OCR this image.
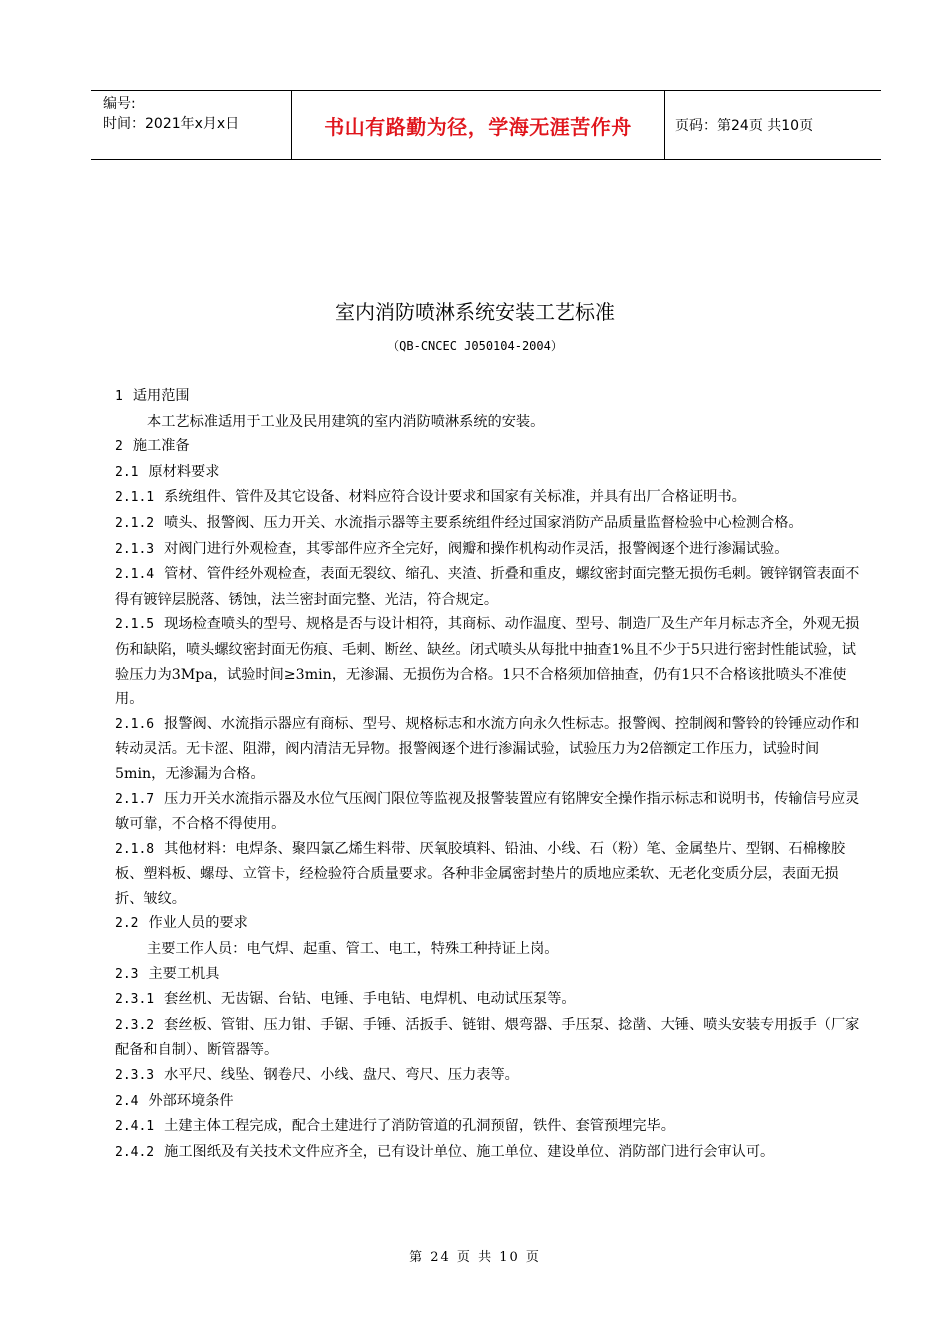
编号:
时间：2021年x月x日	书山有路勤为径，学海无涯苦作舟	页码：第24页 共10页
室内消防喷淋系统安装工艺标准
（QB-CNCEC J050104-2004）
1 适用范围
本工艺标准适用于工业及民用建筑的室内消防喷淋系统的安装。
2 施工准备
2.1 原材料要求
2.1.1 系统组件、管件及其它设备、材料应符合设计要求和国家有关标准，并具有出厂合格证明书。
2.1.2 喷头、报警阀、压力开关、水流指示器等主要系统组件经过国家消防产品质量监督检验中心检测合格。
2.1.3 对阀门进行外观检查，其零部件应齐全完好，阀瓣和操作机构动作灵活，报警阀逐个进行渗漏试验。
2.1.4 管材、管件经外观检查，表面无裂纹、缩孔、夹渣、折叠和重皮，螺纹密封面完整无损伤毛刺。镀锌钢管表面不得有镀锌层脱落、锈蚀，法兰密封面完整、光洁，符合规定。
2.1.5 现场检查喷头的型号、规格是否与设计相符，其商标、动作温度、型号、制造厂及生产年月标志齐全，外观无损伤和缺陷，喷头螺纹密封面无伤痕、毛刺、断丝、缺丝。闭式喷头从每批中抽查1%且不少于5只进行密封性能试验，试验压力为3Mpa，试验时间≥3min，无渗漏、无损伤为合格。1只不合格须加倍抽查，仍有1只不合格该批喷头不准使用。
2.1.6 报警阀、水流指示器应有商标、型号、规格标志和水流方向永久性标志。报警阀、控制阀和警铃的铃锤应动作和转动灵活。无卡涩、阻滞，阀内清洁无异物。报警阀逐个进行渗漏试验，试验压力为2倍额定工作压力，试验时间5min，无渗漏为合格。
2.1.7 压力开关水流指示器及水位气压阀门限位等监视及报警装置应有铭牌安全操作指示标志和说明书，传输信号应灵敏可靠，不合格不得使用。
2.1.8 其他材料：电焊条、聚四氯乙烯生料带、厌氧胶填料、铅油、小线、石（粉）笔、金属垫片、型钢、石棉橡胶板、塑料板、螺母、立管卡，经检验符合质量要求。各种非金属密封垫片的质地应柔软、无老化变质分层，表面无损折、皱纹。
2.2 作业人员的要求
主要工作人员：电气焊、起重、管工、电工，特殊工种持证上岗。
2.3 主要工机具
2.3.1 套丝机、无齿锯、台钻、电锤、手电钻、电焊机、电动试压泵等。
2.3.2 套丝板、管钳、压力钳、手锯、手锤、活扳手、链钳、煨弯器、手压泵、捻凿、大锤、喷头安装专用扳手（厂家配备和自制）、断管器等。
2.3.3 水平尺、线坠、钢卷尺、小线、盘尺、弯尺、压力表等。
2.4 外部环境条件
2.4.1 土建主体工程完成，配合土建进行了消防管道的孔洞预留，铁件、套管预埋完毕。
2.4.2 施工图纸及有关技术文件应齐全，已有设计单位、施工单位、建设单位、消防部门进行会审认可。
第 24 页 共 10 页
